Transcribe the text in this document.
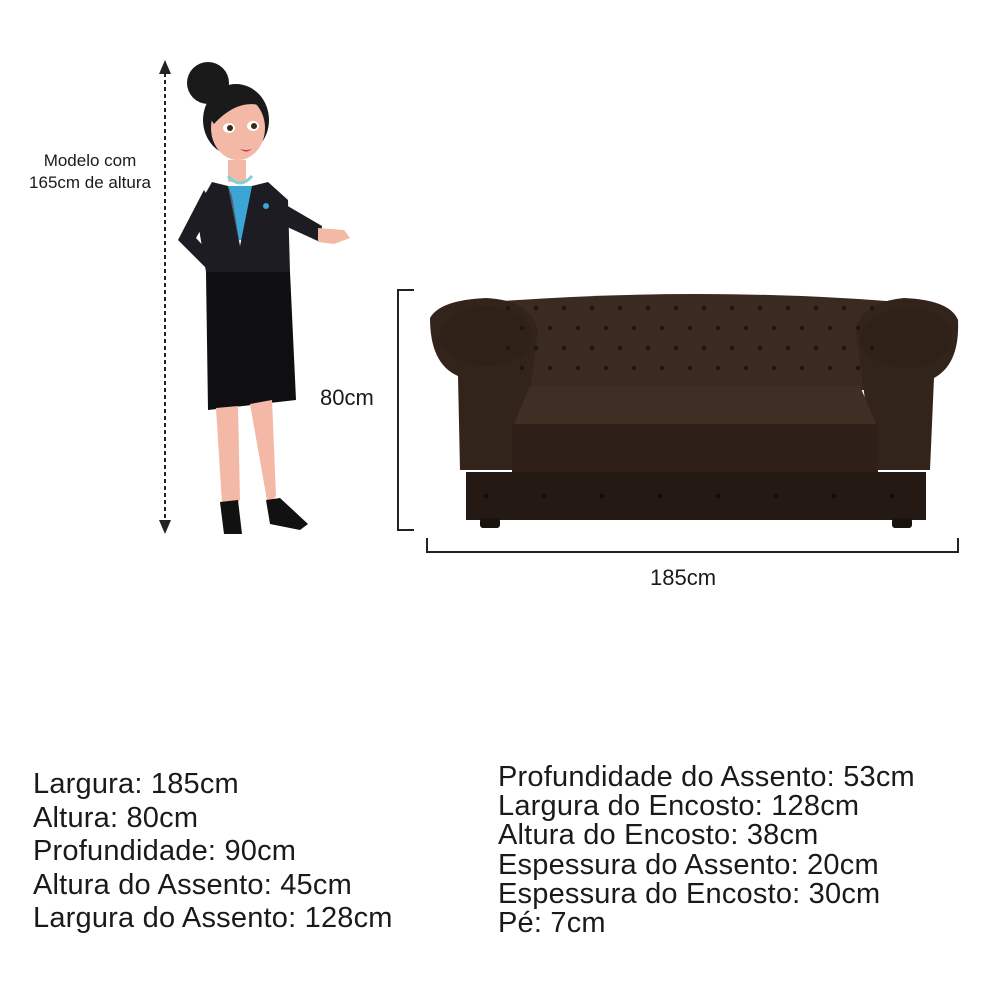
Modelo com
165cm de altura
80cm
185cm
Largura: 185cm
Altura: 80cm
Profundidade: 90cm
Altura do Assento: 45cm
Largura do Assento: 128cm
Profundidade do Assento: 53cm
Largura do Encosto: 128cm
Altura do Encosto: 38cm
Espessura do Assento: 20cm
Espessura do Encosto: 30cm
Pé: 7cm
